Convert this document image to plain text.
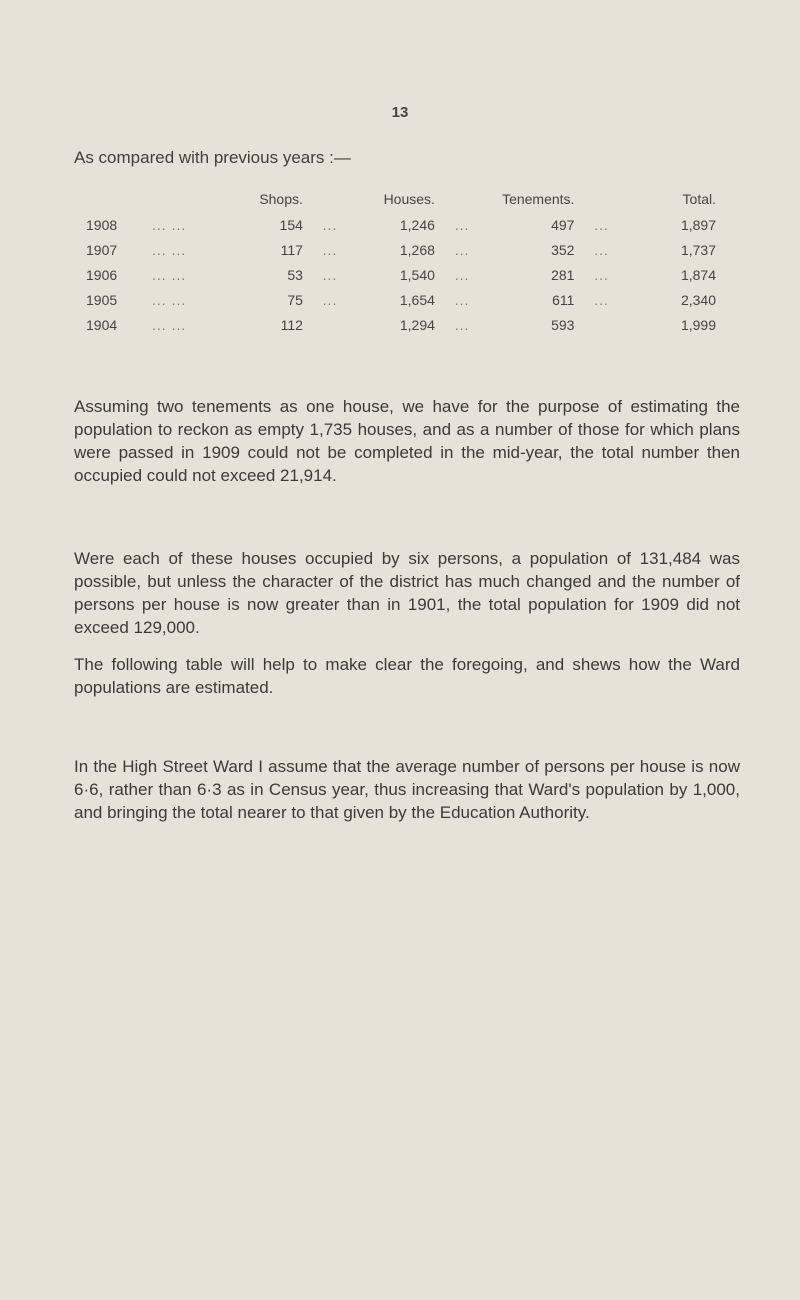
13
As compared with previous years :—
		Shops.		Houses.		Tenements.		Total.
1908	... ...	154	...	1,246	...	497	...	1,897
1907	... ...	117	...	1,268	...	352	...	1,737
1906	... ...	53	...	1,540	...	281	...	1,874
1905	... ...	75	...	1,654	...	611	...	2,340
1904	... ...	112		1,294	...	593		1,999

Assuming two tenements as one house, we have for the purpose of estimating the population to reckon as empty 1,735 houses, and as a number of those for which plans were passed in 1909 could not be completed in the mid-year, the total number then occupied could not exceed 21,914.

Were each of these houses occupied by six persons, a population of 131,484 was possible, but unless the character of the district has much changed and the number of persons per house is now greater than in 1901, the total population for 1909 did not exceed 129,000.

The following table will help to make clear the foregoing, and shews how the Ward populations are estimated.

In the High Street Ward I assume that the average number of persons per house is now 6·6, rather than 6·3 as in Census year, thus increasing that Ward's population by 1,000, and bringing the total nearer to that given by the Education Authority.
